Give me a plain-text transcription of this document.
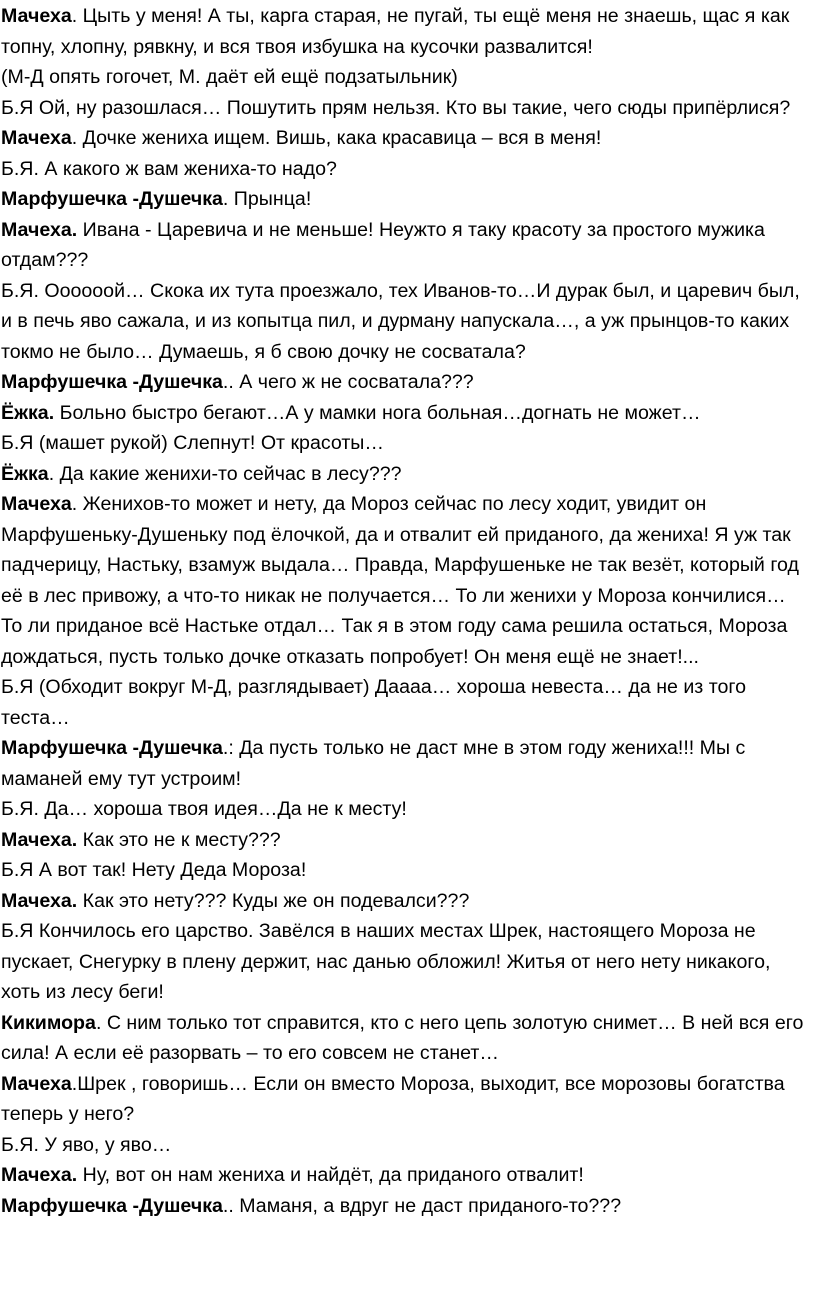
Мачеха. Цыть у меня! А ты, карга старая, не пугай, ты ещё меня не знаешь, щас я как топну, хлопну, рявкну, и вся твоя избушка на кусочки развалится!

(М-Д опять гогочет, М. даёт ей ещё подзатыльник)

Б.Я Ой, ну разошлася… Пошутить прям нельзя. Кто вы такие, чего сюды припёрлися?

Мачеха. Дочке жениха ищем. Вишь, кака красавица – вся в меня!

Б.Я. А какого ж вам жениха-то надо?

Марфушечка -Душечка. Прынца!

Мачеха. Ивана - Царевича и не меньше! Неужто я таку красоту за простого мужика отдам???

Б.Я. Оооооой… Скока их тута проезжало, тех Иванов-то…И дурак был, и царевич был, и в печь яво сажала, и из копытца пил, и дурману напускала…, а уж прынцов-то каких токмо не было… Думаешь, я б свою дочку не сосватала?

Марфушечка -Душечка.. А чего ж не сосватала???

Ёжка. Больно быстро бегают…А у мамки нога больная…догнать не может…

Б.Я (машет рукой) Слепнут! От красоты…

Ёжка. Да какие женихи-то сейчас в лесу???

Мачеха. Женихов-то может и нету, да Мороз сейчас по лесу ходит, увидит он Марфушеньку-Душеньку под ёлочкой, да и отвалит ей приданого, да жениха! Я уж так падчерицу, Настьку, взамуж выдала… Правда, Марфушеньке не так везёт, который год её в лес привожу, а что-то никак не получается… То ли женихи у Мороза кончилися… То ли приданое всё Настьке отдал… Так я в этом году сама решила остаться, Мороза дождаться, пусть только дочке отказать попробует! Он меня ещё не знает!...

Б.Я (Обходит вокруг М-Д, разглядывает) Даааа… хороша невеста… да не из того теста…

Марфушечка -Душечка.: Да пусть только не даст мне в этом году жениха!!! Мы с маманей ему тут устроим!

Б.Я. Да… хороша твоя идея…Да не к месту!

Мачеха. Как это не к месту???

Б.Я А вот так! Нету Деда Мороза!

Мачеха. Как это нету??? Куды же он подевалси???

Б.Я Кончилось его царство. Завёлся в наших местах Шрек, настоящего Мороза не пускает, Снегурку в плену держит, нас данью обложил! Житья от него нету никакого, хоть из лесу беги!

Кикимора. С ним только тот справится, кто с него цепь золотую снимет… В ней вся его сила! А если её разорвать – то его совсем не станет…

Мачеха.Шрек , говоришь… Если он вместо Мороза, выходит, все морозовы богатства теперь у него?

Б.Я. У яво, у яво…

Мачеха. Ну, вот он нам жениха и найдёт, да приданого отвалит!

Марфушечка -Душечка.. Маманя, а вдруг не даст приданого-то???
